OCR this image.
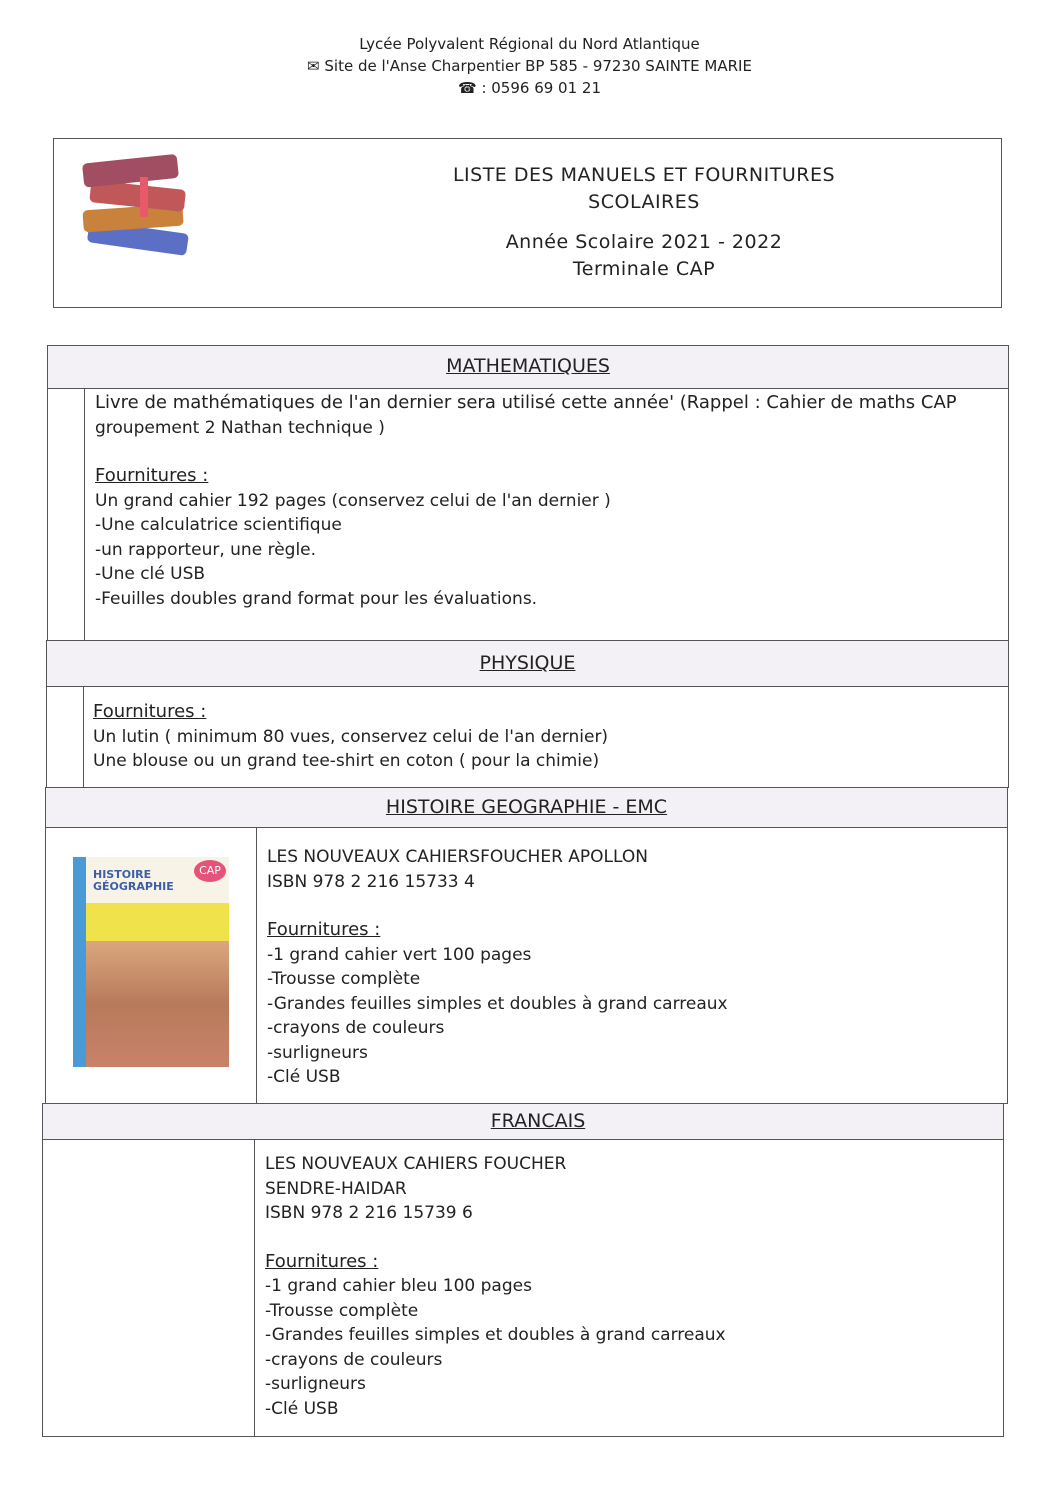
Lycée Polyvalent Régional du Nord Atlantique
✉ Site de l'Anse Charpentier BP 585 - 97230 SAINTE MARIE
☎ : 0596 69 01 21
LISTE DES MANUELS ET FOURNITURES
SCOLAIRES
Année Scolaire 2021 - 2022
Terminale CAP
MATHEMATIQUES
Livre de mathématiques de l'an dernier sera utilisé cette année' (Rappel : Cahier de maths CAP
groupement 2 Nathan technique )
Fournitures :
Un grand cahier 192 pages (conservez celui de l'an dernier )
-Une calculatrice scientifique
-un rapporteur, une règle.
-Une clé USB
-Feuilles doubles grand format pour les évaluations.
PHYSIQUE
Fournitures :
Un lutin ( minimum 80 vues, conservez celui de l'an dernier)
Une blouse ou un grand tee-shirt en coton ( pour la chimie)
HISTOIRE GEOGRAPHIE - EMC
HISTOIRE
GÉOGRAPHIE
CAP
LES NOUVEAUX CAHIERSFOUCHER APOLLON
ISBN 978 2 216 15733 4
Fournitures :
-1 grand cahier vert 100 pages
-Trousse complète
-Grandes feuilles simples et doubles à grand carreaux
-crayons de couleurs
-surligneurs
-Clé USB
FRANCAIS
LES NOUVEAUX CAHIERS FOUCHER
SENDRE-HAIDAR
ISBN 978 2 216 15739 6
Fournitures :
-1 grand cahier bleu 100 pages
-Trousse complète
-Grandes feuilles simples et doubles à grand carreaux
-crayons de couleurs
-surligneurs
-Clé USB
